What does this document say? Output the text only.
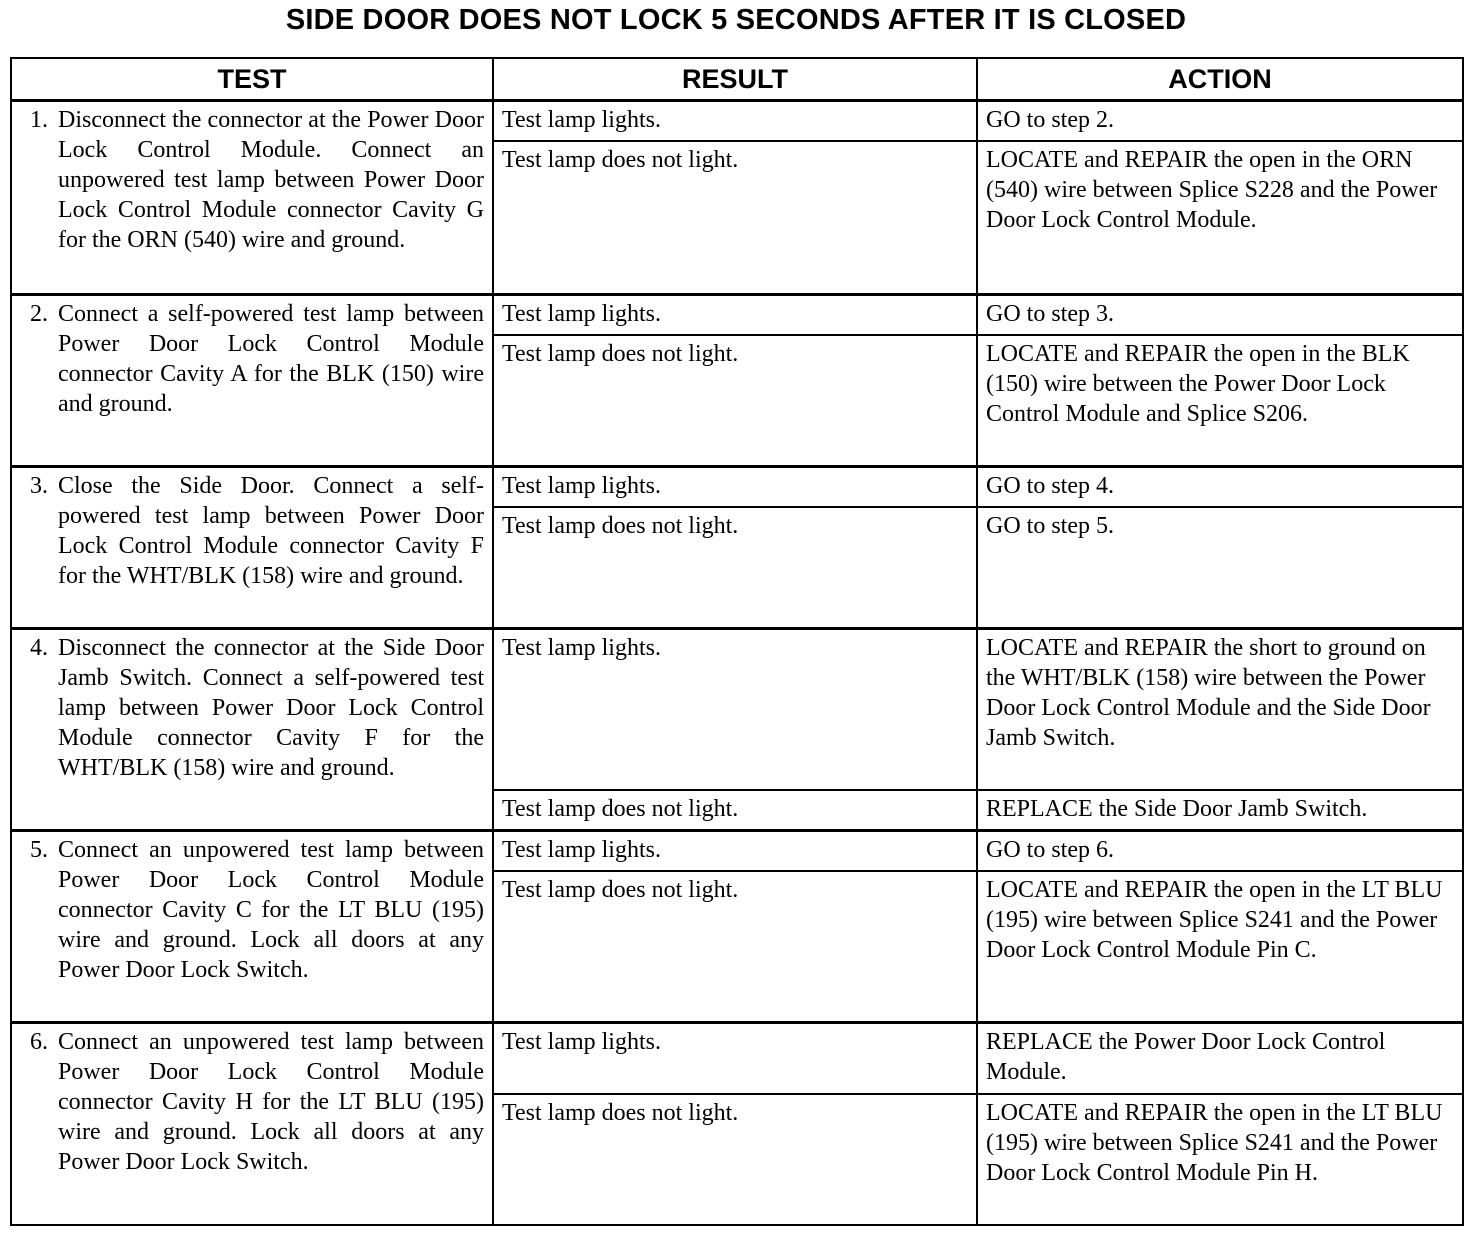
SIDE DOOR DOES NOT LOCK 5 SECONDS AFTER IT IS CLOSED
TEST	RESULT	ACTION

1. Disconnect the connector at the Power Door Lock Control Module. Connect an unpowered test lamp between Power Door Lock Control Module connector Cavity G for the ORN (540) wire and ground.	Test lamp lights.	GO to step 2.
	Test lamp does not light.	LOCATE and REPAIR the open in the ORN (540) wire between Splice S228 and the Power Door Lock Control Module.

2. Connect a self-powered test lamp between Power Door Lock Control Module connector Cavity A for the BLK (150) wire and ground.	Test lamp lights.	GO to step 3.
	Test lamp does not light.	LOCATE and REPAIR the open in the BLK (150) wire between the Power Door Lock Control Module and Splice S206.

3. Close the Side Door. Connect a self-powered test lamp between Power Door Lock Control Module connector Cavity F for the WHT/BLK (158) wire and ground.	Test lamp lights.	GO to step 4.
	Test lamp does not light.	GO to step 5.

4. Disconnect the connector at the Side Door Jamb Switch. Connect a self-powered test lamp between Power Door Lock Control Module connector Cavity F for the WHT/BLK (158) wire and ground.	Test lamp lights.	LOCATE and REPAIR the short to ground on the WHT/BLK (158) wire between the Power Door Lock Control Module and the Side Door Jamb Switch.
	Test lamp does not light.	REPLACE the Side Door Jamb Switch.

5. Connect an unpowered test lamp between Power Door Lock Control Module connector Cavity C for the LT BLU (195) wire and ground. Lock all doors at any Power Door Lock Switch.	Test lamp lights.	GO to step 6.
	Test lamp does not light.	LOCATE and REPAIR the open in the LT BLU (195) wire between Splice S241 and the Power Door Lock Control Module Pin C.

6. Connect an unpowered test lamp between Power Door Lock Control Module connector Cavity H for the LT BLU (195) wire and ground. Lock all doors at any Power Door Lock Switch.	Test lamp lights.	REPLACE the Power Door Lock Control Module.
	Test lamp does not light.	LOCATE and REPAIR the open in the LT BLU (195) wire between Splice S241 and the Power Door Lock Control Module Pin H.
